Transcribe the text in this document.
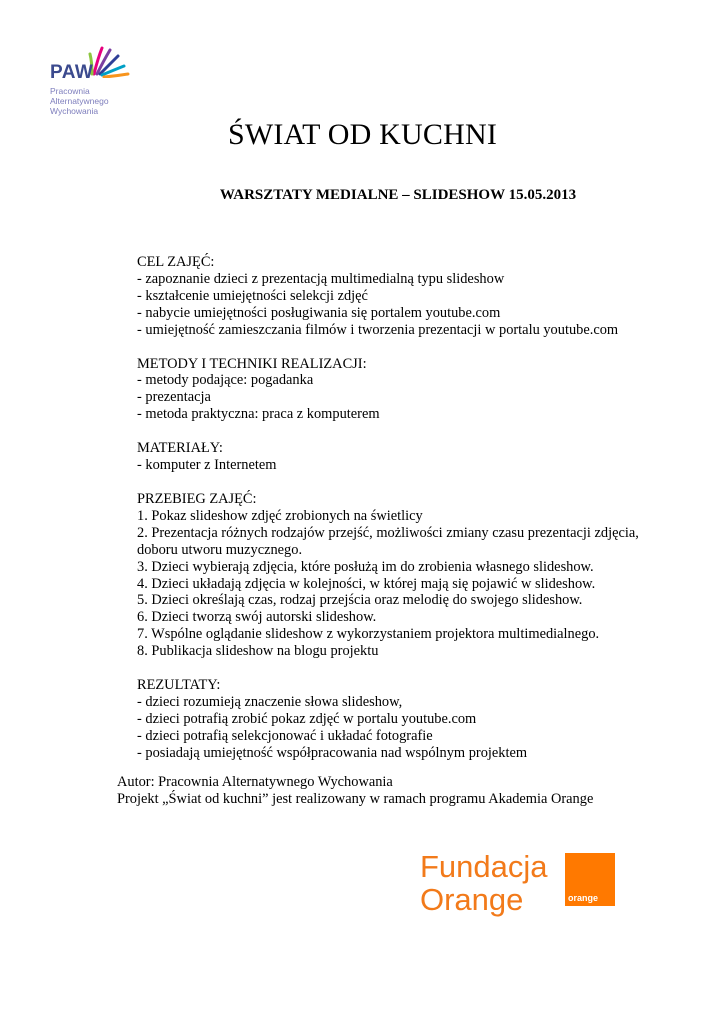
PAW
Pracownia
Alternatywnego
Wychowania
ŚWIAT OD KUCHNI
WARSZTATY MEDIALNE – SLIDESHOW 15.05.2013

CEL ZAJĘĆ:

- zapoznanie dzieci z prezentacją multimedialną typu slideshow

- kształcenie umiejętności selekcji zdjęć

- nabycie umiejętności posługiwania się portalem youtube.com

- umiejętność zamieszczania filmów i tworzenia prezentacji w portalu youtube.com

METODY I TECHNIKI REALIZACJI:

- metody podające: pogadanka

- prezentacja

- metoda praktyczna: praca z komputerem

MATERIAŁY:

- komputer z Internetem

PRZEBIEG ZAJĘĆ:

1. Pokaz slideshow zdjęć zrobionych na świetlicy

2. Prezentacja różnych rodzajów przejść, możliwości zmiany czasu prezentacji zdjęcia,

doboru utworu muzycznego.

3. Dzieci wybierają zdjęcia, które posłużą im do zrobienia własnego slideshow.

4. Dzieci układają zdjęcia w kolejności, w której mają się pojawić w slideshow.

5. Dzieci określają czas, rodzaj przejścia oraz melodię do swojego slideshow.

6. Dzieci tworzą swój autorski slideshow.

7. Wspólne oglądanie slideshow z wykorzystaniem projektora multimedialnego.

8. Publikacja slideshow na blogu projektu

REZULTATY:

- dzieci rozumieją znaczenie słowa slideshow,

- dzieci potrafią zrobić pokaz zdjęć w portalu youtube.com

- dzieci potrafią selekcjonować i układać fotografie

- posiadają umiejętność współpracowania nad wspólnym projektem

Autor: Pracownia Alternatywnego Wychowania
Projekt „Świat od kuchni” jest realizowany w ramach programu Akademia Orange
Fundacja
Orange	orange
